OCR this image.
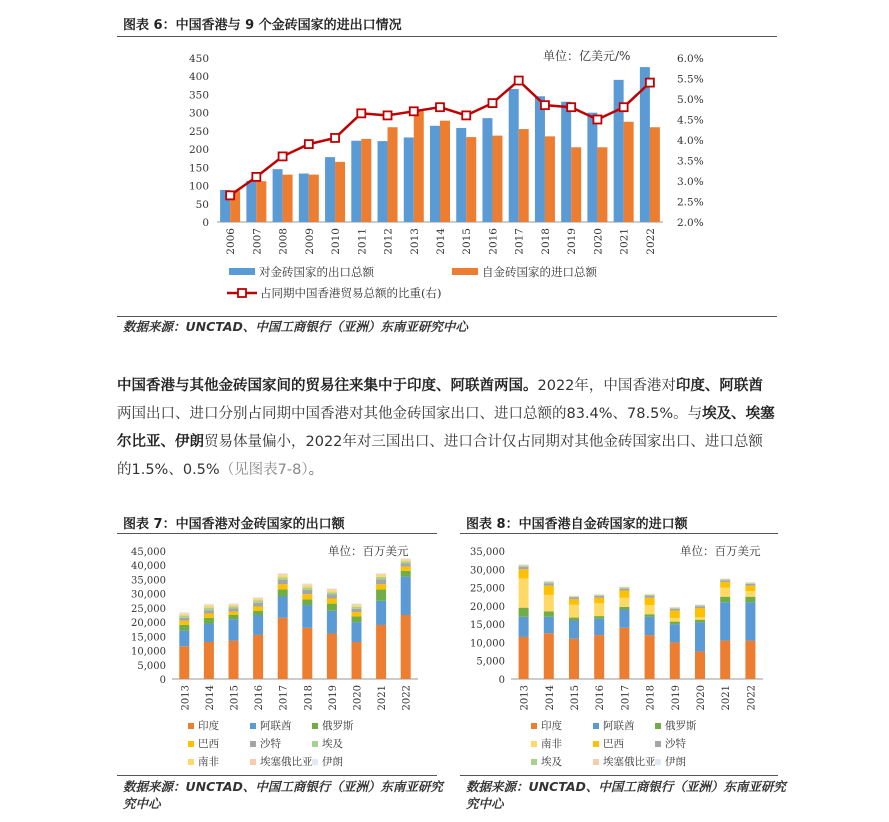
图表 6：中国香港与 9 个金砖国家的进出口情况
单位：亿美元/%
0
50
100
150
200
250
300
350
400
450
2.0%
2.5%
3.0%
3.5%
4.0%
4.5%
5.0%
5.5%
6.0%
2006 2007 2008 2009 2010 2011 2012 2013 2014 2015 2016 2017 2018 2019 2020 2021 2022
对金砖国家的出口总额	自金砖国家的进口总额
占同期中国香港贸易总额的比重(右)
数据来源：UNCTAD、中国工商银行（亚洲）东南亚研究中心
中国香港与其他金砖国家间的贸易往来集中于印度、阿联酋两国。2022年，中国香港对印度、阿联酋两国出口、进口分别占同期中国香港对其他金砖国家出口、进口总额的83.4%、78.5%。与埃及、埃塞尔比亚、伊朗贸易体量偏小，2022年对三国出口、进口合计仅占同期对其他金砖国家出口、进口总额的1.5%、0.5%（见图表7-8）。
图表 7：中国香港对金砖国家的出口额
单位：百万美元
0
5,000
10,000
15,000
20,000
25,000
30,000
35,000
40,000
45,000
2013 2014 2015 2016 2017 2018 2019 2020 2021 2022
印度	阿联酋	俄罗斯
巴西	沙特	埃及
南非	埃塞俄比亚 伊朗
数据来源：UNCTAD、中国工商银行（亚洲）东南亚研究
究中心
图表 8：中国香港自金砖国家的进口额
单位：百万美元
0
5,000
10,000
15,000
20,000
25,000
30,000
35,000
2013 2014 2015 2016 2017 2018 2019 2020 2021 2022
印度	阿联酋	俄罗斯
南非	巴西	沙特
埃及	埃塞俄比亚 伊朗
数据来源：UNCTAD、中国工商银行（亚洲）东南亚研究
究中心
